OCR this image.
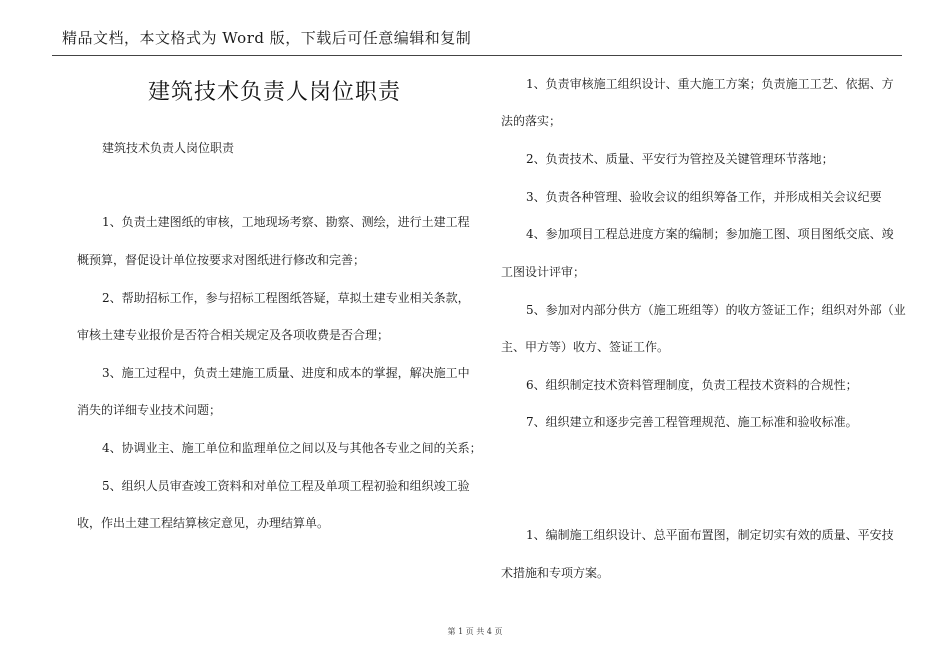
精品文档，本文格式为 Word 版，下载后可任意编辑和复制
建筑技术负责人岗位职责
建筑技术负责人岗位职责
1、负责土建图纸的审核，工地现场考察、勘察、测绘，进行土建工程
概预算，督促设计单位按要求对图纸进行修改和完善；
2、帮助招标工作，参与招标工程图纸答疑，草拟土建专业相关条款，
审核土建专业报价是否符合相关规定及各项收费是否合理；
3、施工过程中，负责土建施工质量、进度和成本的掌握，解决施工中
消失的详细专业技术问题；
4、协调业主、施工单位和监理单位之间以及与其他各专业之间的关系；
5、组织人员审查竣工资料和对单位工程及单项工程初验和组织竣工验
收，作出土建工程结算核定意见，办理结算单。
1、负责审核施工组织设计、重大施工方案；负责施工工艺、依据、方
法的落实；
2、负责技术、质量、平安行为管控及关键管理环节落地；
3、负责各种管理、验收会议的组织筹备工作，并形成相关会议纪要
4、参加项目工程总进度方案的编制；参加施工图、项目图纸交底、竣
工图设计评审；
5、参加对内部分供方（施工班组等）的收方签证工作；组织对外部（业
主、甲方等）收方、签证工作。
6、组织制定技术资料管理制度，负责工程技术资料的合规性；
7、组织建立和逐步完善工程管理规范、施工标准和验收标准。
1、编制施工组织设计、总平面布置图，制定切实有效的质量、平安技
术措施和专项方案。
第 1 页 共 4 页
